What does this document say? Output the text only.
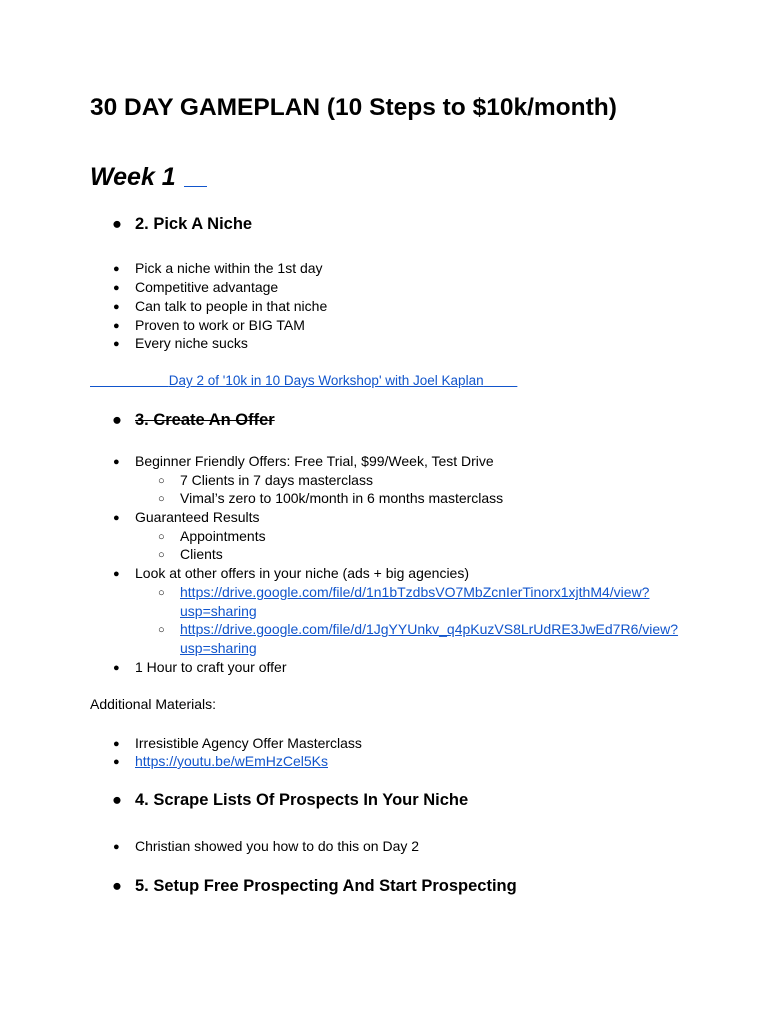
30 DAY GAMEPLAN (10 Steps to $10k/month)
Week 1
● 2. Pick A Niche
● Pick a niche within the 1st day
● Competitive advantage
● Can talk to people in that niche
● Proven to work or BIG TAM
● Every niche sucks
Day 2 of '10k in 10 Days Workshop' with Joel Kaplan
● 3. Create An Offer
● Beginner Friendly Offers: Free Trial, $99/Week, Test Drive
○ 7 Clients in 7 days masterclass
○ Vimal’s zero to 100k/month in 6 months masterclass
● Guaranteed Results
○ Appointments
○ Clients
● Look at other offers in your niche (ads + big agencies)
○ https://drive.google.com/file/d/1n1bTzdbsVO7MbZcnIerTinorx1xjthM4/view?
usp=sharing
○ https://drive.google.com/file/d/1JgYYUnkv_q4pKuzVS8LrUdRE3JwEd7R6/view?
usp=sharing
● 1 Hour to craft your offer
Additional Materials:
● Irresistible Agency Offer Masterclass
● https://youtu.be/wEmHzCel5Ks
● 4. Scrape Lists Of Prospects In Your Niche
● Christian showed you how to do this on Day 2
● 5. Setup Free Prospecting And Start Prospecting
